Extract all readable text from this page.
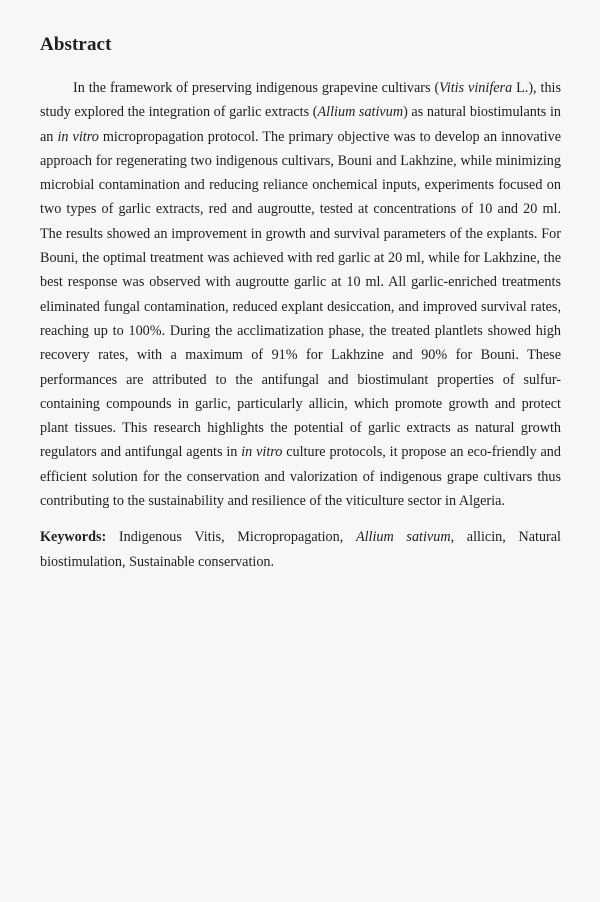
Abstract

In the framework of preserving indigenous grapevine cultivars (Vitis vinifera L.), this study explored the integration of garlic extracts (Allium sativum) as natural biostimulants in an in vitro micropropagation protocol. The primary objective was to develop an innovative approach for regenerating two indigenous cultivars, Bouni and Lakhzine, while minimizing microbial contamination and reducing reliance onchemical inputs, experiments focused on two types of garlic extracts, red and augroutte, tested at concentrations of 10 and 20 ml. The results showed an improvement in growth and survival parameters of the explants. For Bouni, the optimal treatment was achieved with red garlic at 20 ml, while for Lakhzine, the best response was observed with augroutte garlic at 10 ml. All garlic-enriched treatments eliminated fungal contamination, reduced explant desiccation, and improved survival rates, reaching up to 100%. During the acclimatization phase, the treated plantlets showed high recovery rates, with a maximum of 91% for Lakhzine and 90% for Bouni. These performances are attributed to the antifungal and biostimulant properties of sulfur-containing compounds in garlic, particularly allicin, which promote growth and protect plant tissues. This research highlights the potential of garlic extracts as natural growth regulators and antifungal agents in in vitro culture protocols, it propose an eco-friendly and efficient solution for the conservation and valorization of indigenous grape cultivars thus contributing to the sustainability and resilience of the viticulture sector in Algeria.

Keywords: Indigenous Vitis, Micropropagation, Allium sativum, allicin, Natural biostimulation, Sustainable conservation.
